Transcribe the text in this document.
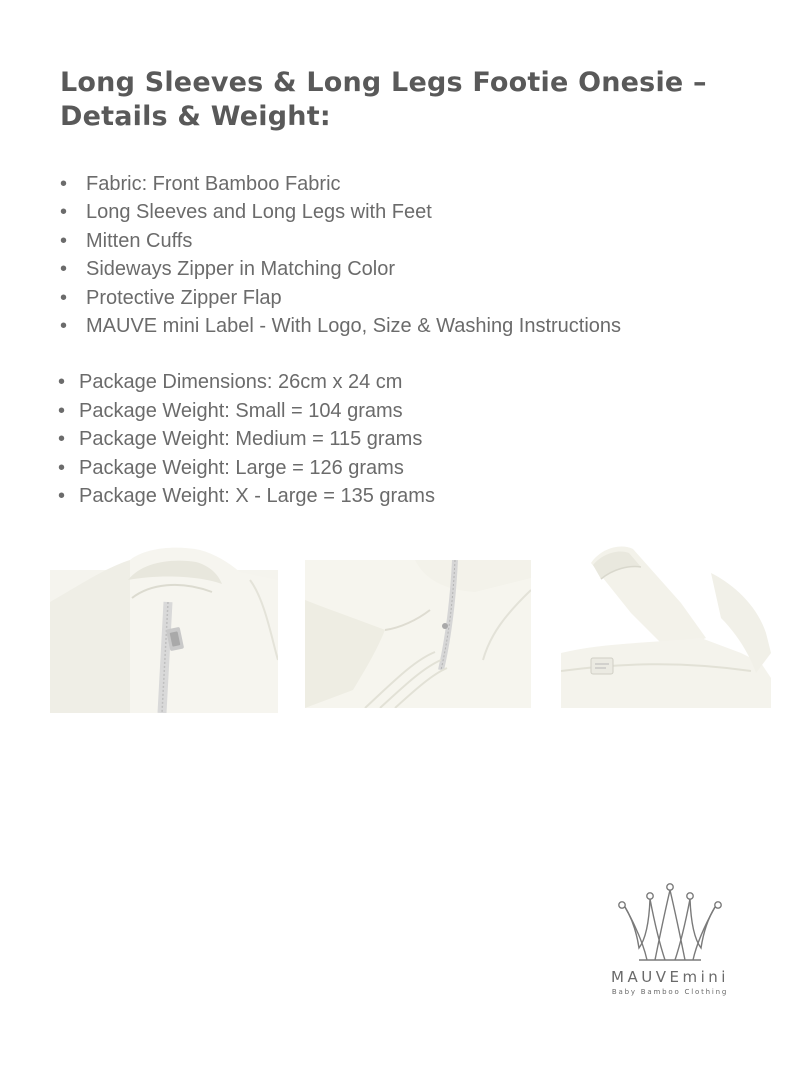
Long Sleeves & Long Legs Footie Onesie –
Details & Weight:
• Fabric: Front Bamboo Fabric
• Long Sleeves and Long Legs with Feet
• Mitten Cuffs
• Sideways Zipper in Matching Color
• Protective Zipper Flap
• MAUVE mini Label - With Logo, Size & Washing Instructions
• Package Dimensions: 26cm x 24 cm
• Package Weight: Small = 104 grams
• Package Weight: Medium = 115 grams
• Package Weight: Large = 126 grams
• Package Weight: X - Large = 135 grams
MAUVEmini
Baby Bamboo Clothing
